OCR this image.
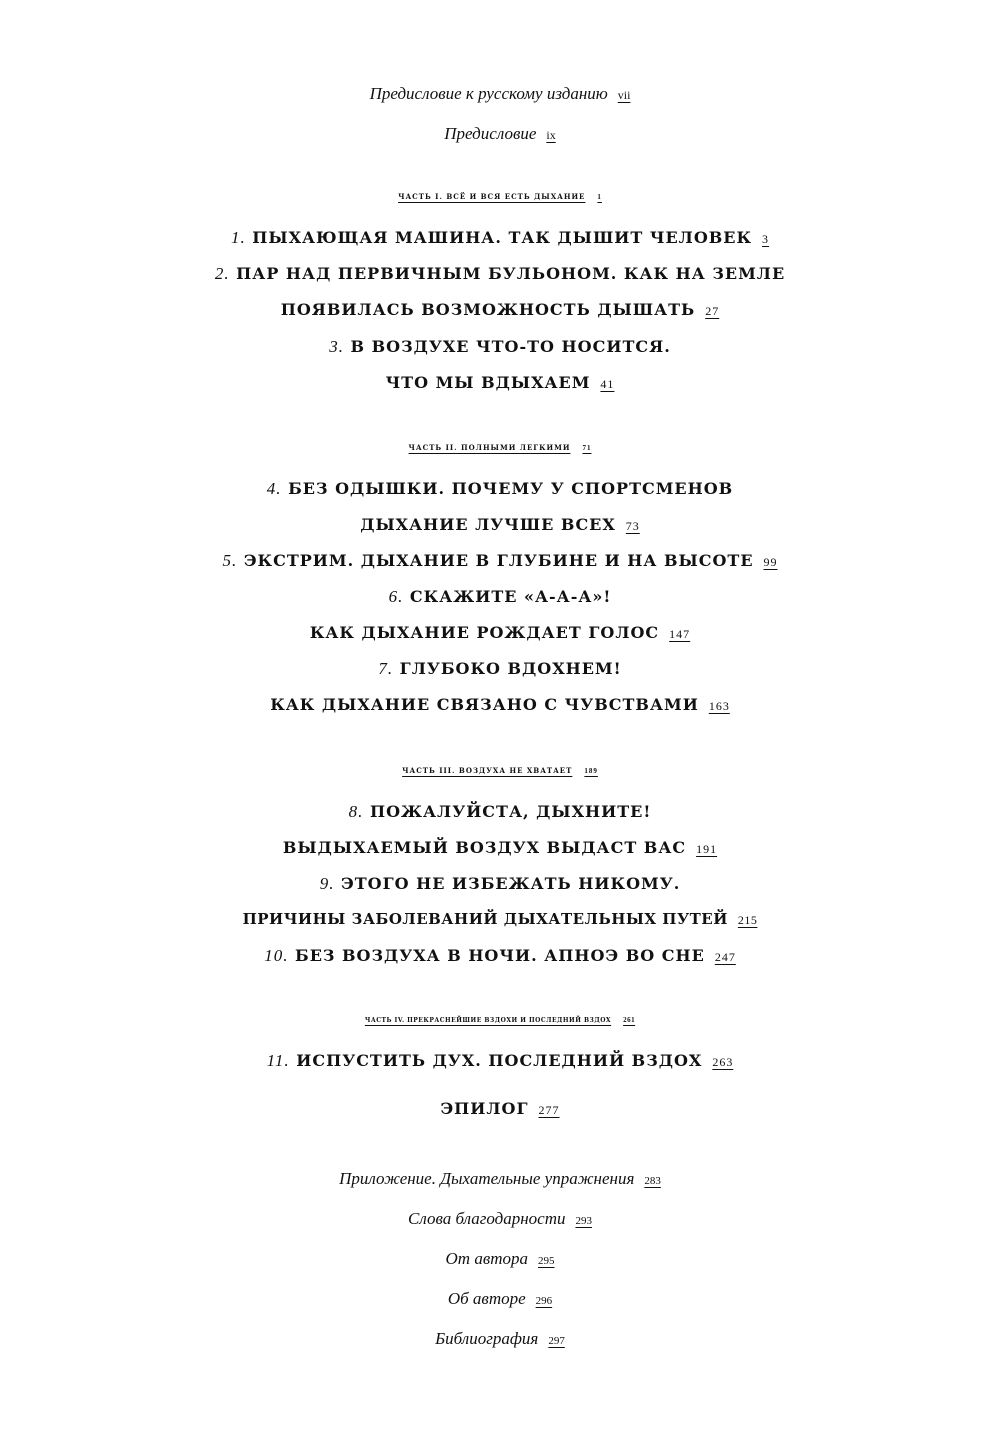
Предисловие к русскому изданию vii
Предисловие ix
ЧАСТЬ I. ВСЁ И ВСЯ ЕСТЬ ДЫХАНИЕ 1
1. ПЫХАЮЩАЯ МАШИНА. ТАК ДЫШИТ ЧЕЛОВЕК 3
2. ПАР НАД ПЕРВИЧНЫМ БУЛЬОНОМ. КАК НА ЗЕМЛЕ
ПОЯВИЛАСЬ ВОЗМОЖНОСТЬ ДЫШАТЬ 27
3. В ВОЗДУХЕ ЧТО-ТО НОСИТСЯ.
ЧТО МЫ ВДЫХАЕМ 41
ЧАСТЬ II. ПОЛНЫМИ ЛЕГКИМИ 71
4. БЕЗ ОДЫШКИ. ПОЧЕМУ У СПОРТСМЕНОВ
ДЫХАНИЕ ЛУЧШЕ ВСЕХ 73
5. ЭКСТРИМ. ДЫХАНИЕ В ГЛУБИНЕ И НА ВЫСОТЕ 99
6. СКАЖИТЕ «А-А-А»!
КАК ДЫХАНИЕ РОЖДАЕТ ГОЛОС 147
7. ГЛУБОКО ВДОХНЕМ!
КАК ДЫХАНИЕ СВЯЗАНО С ЧУВСТВАМИ 163
ЧАСТЬ III. ВОЗДУХА НЕ ХВАТАЕТ 189
8. ПОЖАЛУЙСТА, ДЫХНИТЕ!
ВЫДЫХАЕМЫЙ ВОЗДУХ ВЫДАСТ ВАС 191
9. ЭТОГО НЕ ИЗБЕЖАТЬ НИКОМУ.
ПРИЧИНЫ ЗАБОЛЕВАНИЙ ДЫХАТЕЛЬНЫХ ПУТЕЙ 215
10. БЕЗ ВОЗДУХА В НОЧИ. АПНОЭ ВО СНЕ 247
ЧАСТЬ IV. ПРЕКРАСНЕЙШИЕ ВЗДОХИ И ПОСЛЕДНИЙ ВЗДОХ 261
11. ИСПУСТИТЬ ДУХ. ПОСЛЕДНИЙ ВЗДОХ 263
ЭПИЛОГ 277
Приложение. Дыхательные упражнения 283
Слова благодарности 293
От автора 295
Об авторе 296
Библиография 297
